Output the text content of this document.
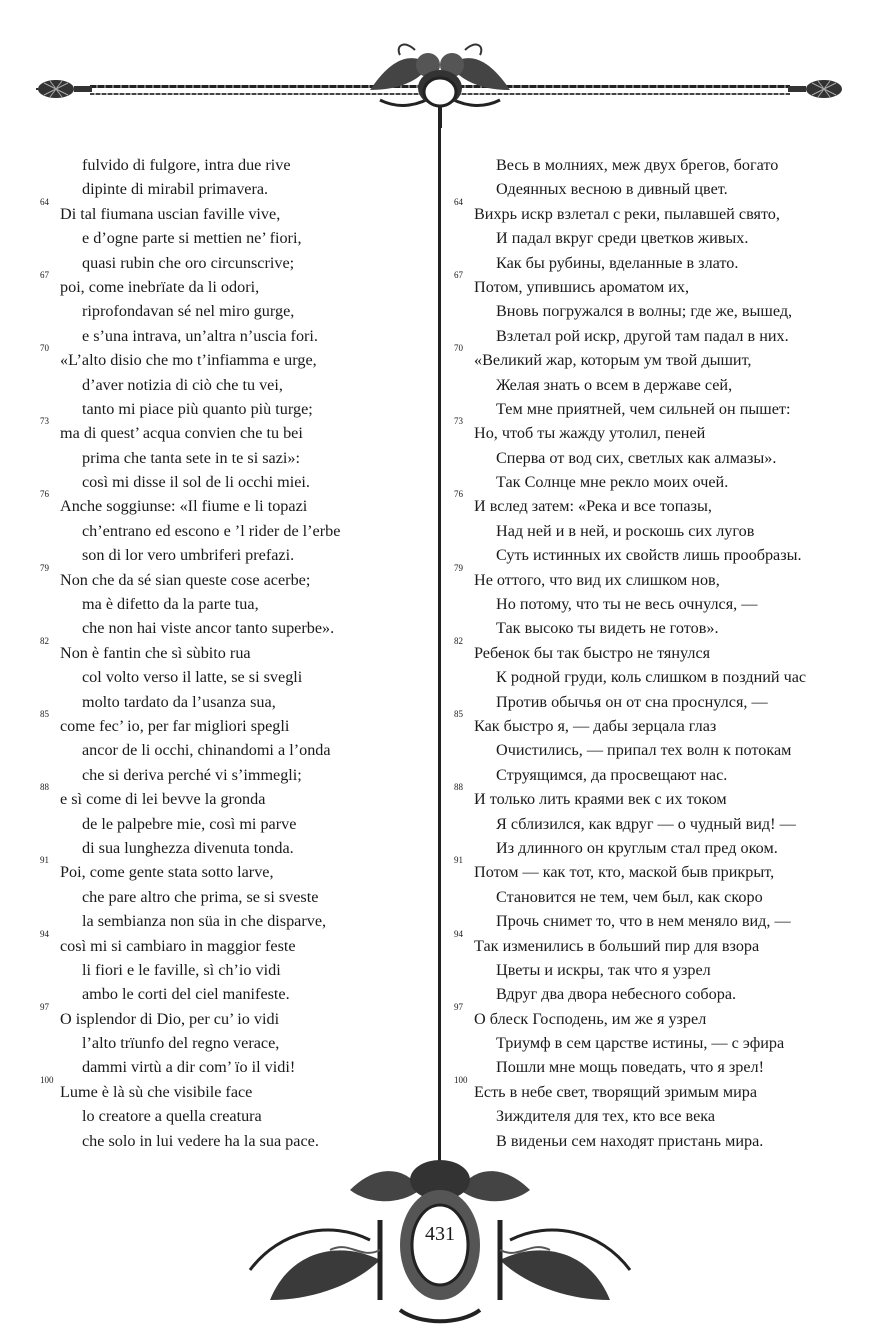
fulvido di fulgore, intra due rive
dipinte di mirabil primavera.
64
Di tal fiumana uscian faville vive,
e d’ogne parte si mettien ne’ fiori,
quasi rubin che oro circunscrive;
67
poi, come inebrïate da li odori,
riprofondavan sé nel miro gurge,
e s’una intrava, un’altra n’uscia fori.
70
«L’alto disio che mo t’infiamma e urge,
d’aver notizia di ciò che tu vei,
tanto mi piace più quanto più turge;
73
ma di quest’ acqua convien che tu bei
prima che tanta sete in te si sazi»:
così mi disse il sol de li occhi miei.
76
Anche soggiunse: «Il fiume e li topazi
ch’entrano ed escono e ’l rider de l’erbe
son di lor vero umbriferi prefazi.
79
Non che da sé sian queste cose acerbe;
ma è difetto da la parte tua,
che non hai viste ancor tanto superbe».
82
Non è fantin che sì sùbito rua
col volto verso il latte, se si svegli
molto tardato da l’usanza sua,
85
come fec’ io, per far migliori spegli
ancor de li occhi, chinandomi a l’onda
che si deriva perché vi s’immegli;
88
e sì come di lei bevve la gronda
de le palpebre mie, così mi parve
di sua lunghezza divenuta tonda.
91
Poi, come gente stata sotto larve,
che pare altro che prima, se si sveste
la sembianza non süa in che disparve,
94
così mi si cambiaro in maggior feste
li fiori e le faville, sì ch’io vidi
ambo le corti del ciel manifeste.
97
O isplendor di Dio, per cu’ io vidi
l’alto trïunfo del regno verace,
dammi virtù a dir com’ ïo il vidi!
100
Lume è là sù che visibile face
lo creatore a quella creatura
che solo in lui vedere ha la sua pace.
Весь в молниях, меж двух брегов, богато
Одеянных весною в дивный цвет.
64
Вихрь искр взлетал с реки, пылавшей свято,
И падал вкруг среди цветков живых.
Как бы рубины, вделанные в злато.
67
Потом, упившись ароматом их,
Вновь погружался в волны; где же, вышед,
Взлетал рой искр, другой там падал в них.
70
«Великий жар, которым ум твой дышит,
Желая знать о всем в державе сей,
Тем мне приятней, чем сильней он пышет:
73
Но, чтоб ты жажду утолил, пеней
Сперва от вод сих, светлых как алмазы».
Так Солнце мне рекло моих очей.
76
И вслед затем: «Река и все топазы,
Над ней и в ней, и роскошь сих лугов
Суть истинных их свойств лишь прообразы.
79
Не оттого, что вид их слишком нов,
Но потому, что ты не весь очнулся, —
Так высоко ты видеть не готов».
82
Ребенок бы так быстро не тянулся
К родной груди, коль слишком в поздний час
Против обычья он от сна проснулся, —
85
Как быстро я, — дабы зерцала глаз
Очистились, — припал тех волн к потокам
Струящимся, да просвещают нас.
88
И только лить краями век с их током
Я сблизился, как вдруг — о чудный вид! —
Из длинного он круглым стал пред оком.
91
Потом — как тот, кто, маской быв прикрыт,
Становится не тем, чем был, как скоро
Прочь снимет то, что в нем меняло вид, —
94
Так изменились в больший пир для взора
Цветы и искры, так что я узрел
Вдруг два двора небесного собора.
97
О блеск Господень, им же я узрел
Триумф в сем царстве истины, — с эфира
Пошли мне мощь поведать, что я зрел!
100
Есть в небе свет, творящий зримым мира
Зиждителя для тех, кто все века
В виденьи сем находят пристань мира.
431
